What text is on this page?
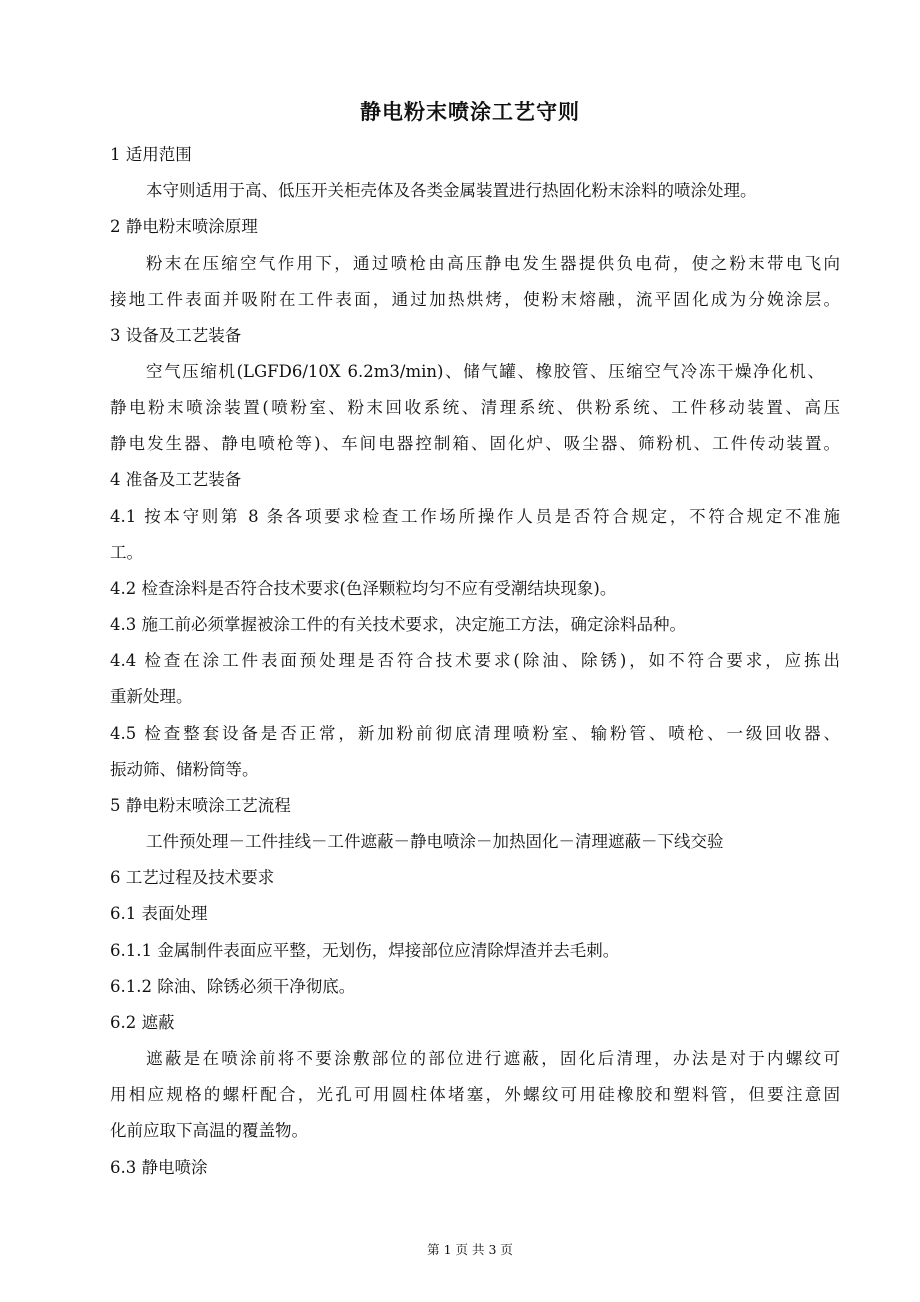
静电粉末喷涂工艺守则
1 适用范围
本守则适用于高、低压开关柜壳体及各类金属装置进行热固化粉末涂料的喷涂处理。
2 静电粉末喷涂原理
粉末在压缩空气作用下，通过喷枪由高压静电发生器提供负电荷，使之粉末带电飞向
接地工件表面并吸附在工件表面，通过加热烘烤，使粉末熔融，流平固化成为分娩涂层。
3 设备及工艺装备
空气压缩机(LGFD6/10X 6.2m3/min)、储气罐、橡胶管、压缩空气冷冻干燥净化机、
静电粉末喷涂装置(喷粉室、粉末回收系统、清理系统、供粉系统、工件移动装置、高压
静电发生器、静电喷枪等)、车间电器控制箱、固化炉、吸尘器、筛粉机、工件传动装置。
4 准备及工艺装备
4.1 按本守则第 8 条各项要求检查工作场所操作人员是否符合规定，不符合规定不准施
工。
4.2 检查涂料是否符合技术要求(色泽颗粒均匀不应有受潮结块现象)。
4.3 施工前必须掌握被涂工件的有关技术要求，决定施工方法，确定涂料品种。
4.4 检查在涂工件表面预处理是否符合技术要求(除油、除锈)，如不符合要求，应拣出
重新处理。
4.5 检查整套设备是否正常，新加粉前彻底清理喷粉室、输粉管、喷枪、一级回收器、
振动筛、储粉筒等。
5 静电粉末喷涂工艺流程
工件预处理－工件挂线－工件遮蔽－静电喷涂－加热固化－清理遮蔽－下线交验
6 工艺过程及技术要求
6.1 表面处理
6.1.1 金属制件表面应平整，无划伤，焊接部位应清除焊渣并去毛刺。
6.1.2 除油、除锈必须干净彻底。
6.2 遮蔽
遮蔽是在喷涂前将不要涂敷部位的部位进行遮蔽，固化后清理，办法是对于内螺纹可
用相应规格的螺杆配合，光孔可用圆柱体堵塞，外螺纹可用硅橡胶和塑料管，但要注意固
化前应取下高温的覆盖物。
6.3 静电喷涂
第 1 页 共 3 页
